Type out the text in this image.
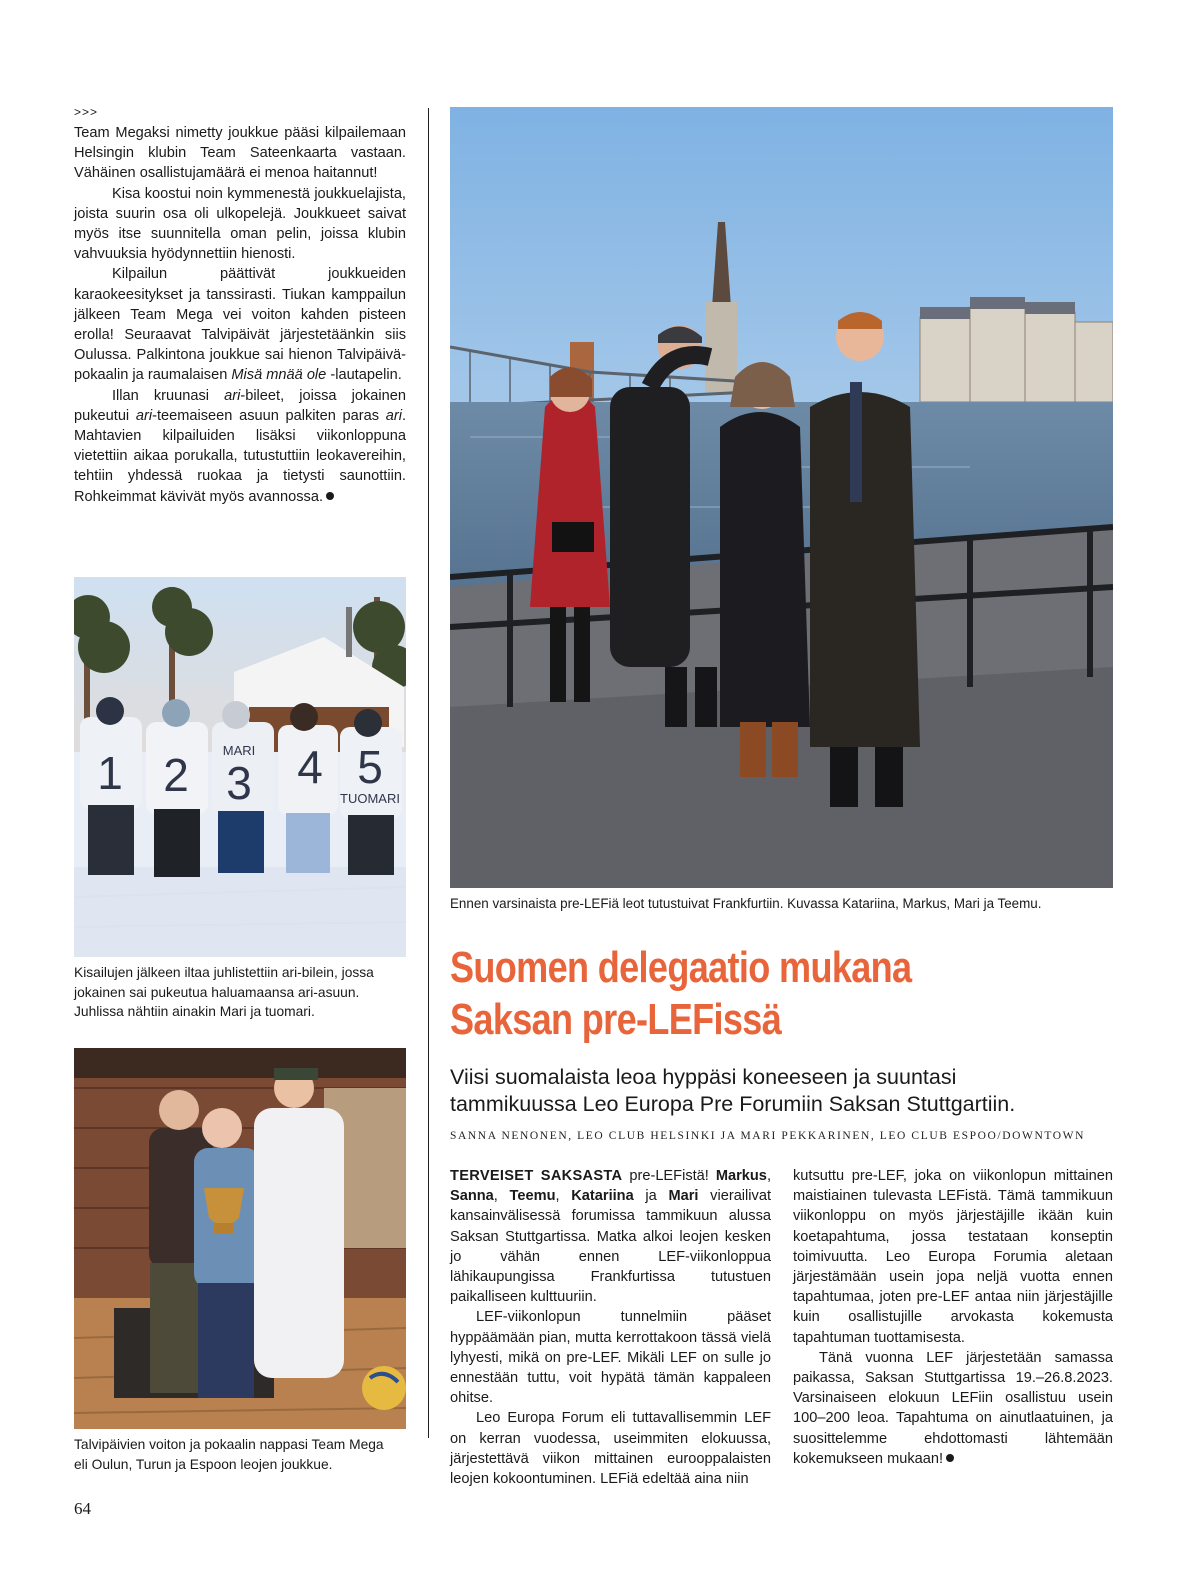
>>>

Team Megaksi nimetty joukkue pääsi kilpailemaan Helsingin klubin Team Sateenkaarta vastaan. Vähäinen osallistujamäärä ei menoa haitannut!

Kisa koostui noin kymmenestä joukkuelajista, joista suurin osa oli ulkopelejä. Joukkueet saivat myös itse suunnitella oman pelin, joissa klubin vahvuuksia hyödynnettiin hienosti.

Kilpailun päättivät joukkueiden karaokeesitykset ja tanssirasti. Tiukan kamppailun jälkeen Team Mega vei voiton kahden pisteen erolla! Seuraavat Talvipäivät järjestetäänkin siis Oulussa. Palkintona joukkue sai hienon Talvipäivä-pokaalin ja raumalaisen Misä mnää ole -lautapelin.

Illan kruunasi ari-bileet, joissa jokainen pukeutui ari-teemaiseen asuun palkiten paras ari. Mahtavien kilpailuiden lisäksi viikonloppuna vietettiin aikaa porukalla, tutustuttiin leokavereihin, tehtiin yhdessä ruokaa ja tietysti saunottiin. Rohkeimmat kävivät myös avannossa.

1 2 3 4 5
MARI
TUOMARI
Kisailujen jälkeen iltaa juhlistettiin ari-bilein, jossa jokainen sai pukeutua haluamaansa ari-asuun. Juhlissa nähtiin ainakin Mari ja tuomari.
Talvipäivien voiton ja pokaalin nappasi Team Mega eli Oulun, Turun ja Espoon leojen joukkue.
64
Ennen varsinaista pre-LEFiä leot tutustuivat Frankfurtiin. Kuvassa Katariina, Markus, Mari ja Teemu.
Suomen delegaatio mukana
Saksan pre-LEFissä
Viisi suomalaista leoa hyppäsi koneeseen ja suuntasi tammikuussa Leo Europa Pre Forumiin Saksan Stuttgartiin.
SANNA NENONEN, LEO CLUB HELSINKI JA MARI PEKKARINEN, LEO CLUB ESPOO/DOWNTOWN

TERVEISET SAKSASTA pre-LEFistä! Markus, Sanna, Teemu, Katariina ja Mari vierailivat kansainvälisessä forumissa tammikuun alussa Saksan Stuttgartissa. Matka alkoi leojen kesken jo vähän ennen LEF-viikonloppua lähikaupungissa Frankfurtissa tutustuen paikalliseen kulttuuriin.

LEF-viikonlopun tunnelmiin pääset hyppäämään pian, mutta kerrottakoon tässä vielä lyhyesti, mikä on pre-LEF. Mikäli LEF on sulle jo ennestään tuttu, voit hypätä tämän kappaleen ohitse.

Leo Europa Forum eli tuttavallisemmin LEF on kerran vuodessa, useimmiten elokuussa, järjestettävä viikon mittainen eurooppalaisten leojen kokoontuminen. LEFiä edeltää aina niin

kutsuttu pre-LEF, joka on viikonlopun mittainen maistiainen tulevasta LEFistä. Tämä tammikuun viikonloppu on myös järjestäjille ikään kuin koetapahtuma, jossa testataan konseptin toimivuutta. Leo Europa Forumia aletaan järjestämään usein jopa neljä vuotta ennen tapahtumaa, joten pre-LEF antaa niin järjestäjille kuin osallistujille arvokasta kokemusta tapahtuman tuottamisesta.

Tänä vuonna LEF järjestetään samassa paikassa, Saksan Stuttgartissa 19.–26.8.2023. Varsinaiseen elokuun LEFiin osallistuu usein 100–200 leoa. Tapahtuma on ainutlaatuinen, ja suosittelemme ehdottomasti lähtemään kokemukseen mukaan!
